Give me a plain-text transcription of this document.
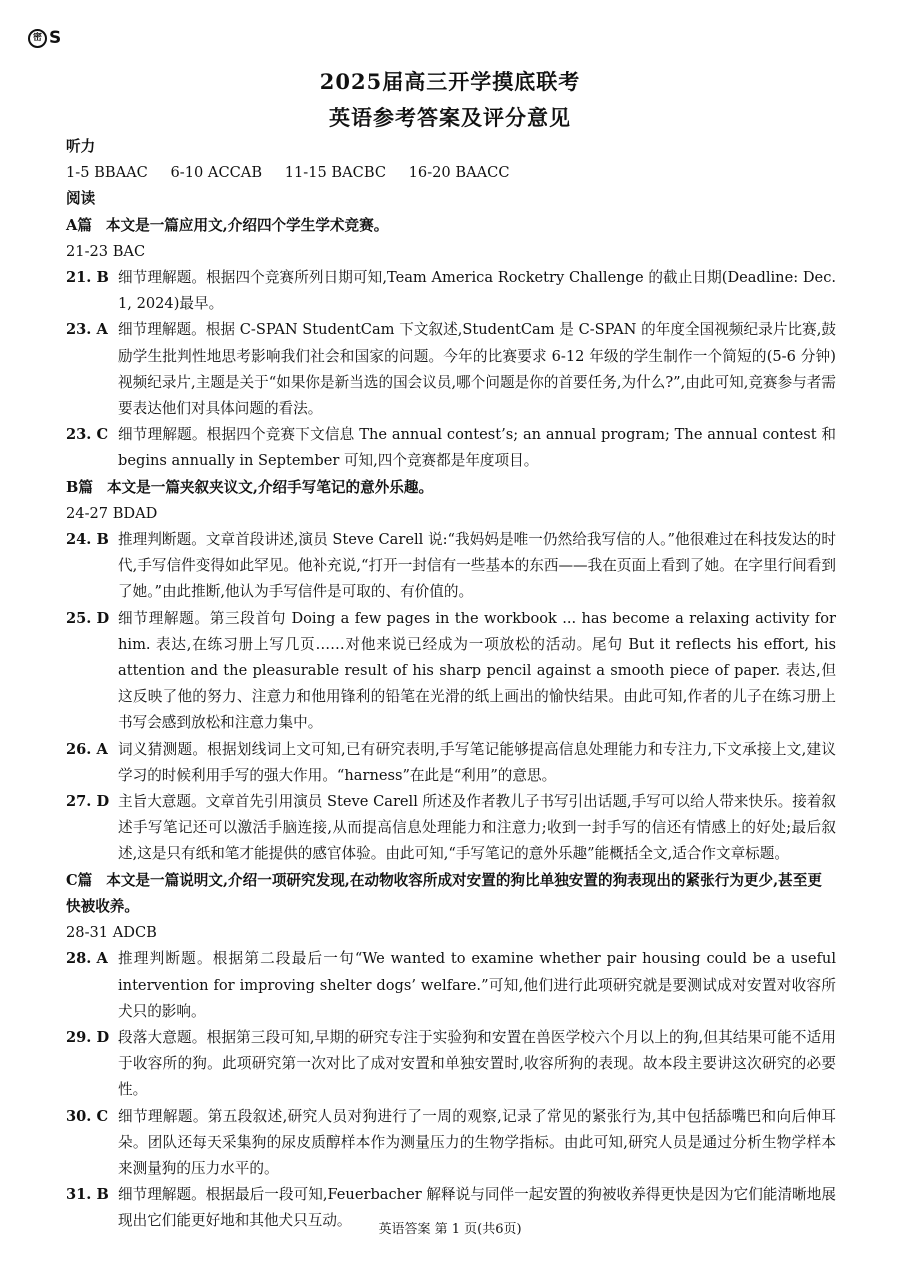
密 S
2025届高三开学摸底联考
英语参考答案及评分意见

听力

1-5 BBAAC 6-10 ACCAB 11-15 BACBC 16-20 BAACC

阅读

A篇 本文是一篇应用文,介绍四个学生学术竞赛。

21-23 BAC

21. B 细节理解题。根据四个竞赛所列日期可知,Team America Rocketry Challenge 的截止日期(Deadline: Dec. 1, 2024)最早。
23. A 细节理解题。根据 C-SPAN StudentCam 下文叙述,StudentCam 是 C-SPAN 的年度全国视频纪录片比赛,鼓励学生批判性地思考影响我们社会和国家的问题。今年的比赛要求 6-12 年级的学生制作一个简短的(5-6 分钟)视频纪录片,主题是关于“如果你是新当选的国会议员,哪个问题是你的首要任务,为什么?”,由此可知,竞赛参与者需要表达他们对具体问题的看法。
23. C 细节理解题。根据四个竞赛下文信息 The annual contest’s; an annual program; The annual contest 和 begins annually in September 可知,四个竞赛都是年度项目。

B篇 本文是一篇夹叙夹议文,介绍手写笔记的意外乐趣。

24-27 BDAD

24. B 推理判断题。文章首段讲述,演员 Steve Carell 说:“我妈妈是唯一仍然给我写信的人。”他很难过在科技发达的时代,手写信件变得如此罕见。他补充说,“打开一封信有一些基本的东西——我在页面上看到了她。在字里行间看到了她。”由此推断,他认为手写信件是可取的、有价值的。
25. D 细节理解题。第三段首句 Doing a few pages in the workbook ... has become a relaxing activity for him. 表达,在练习册上写几页……对他来说已经成为一项放松的活动。尾句 But it reflects his effort, his attention and the pleasurable result of his sharp pencil against a smooth piece of paper. 表达,但这反映了他的努力、注意力和他用锋利的铅笔在光滑的纸上画出的愉快结果。由此可知,作者的儿子在练习册上书写会感到放松和注意力集中。
26. A 词义猜测题。根据划线词上文可知,已有研究表明,手写笔记能够提高信息处理能力和专注力,下文承接上文,建议学习的时候利用手写的强大作用。“harness”在此是“利用”的意思。
27. D 主旨大意题。文章首先引用演员 Steve Carell 所述及作者教儿子书写引出话题,手写可以给人带来快乐。接着叙述手写笔记还可以激活手脑连接,从而提高信息处理能力和注意力;收到一封手写的信还有情感上的好处;最后叙述,这是只有纸和笔才能提供的感官体验。由此可知,“手写笔记的意外乐趣”能概括全文,适合作文章标题。

C篇 本文是一篇说明文,介绍一项研究发现,在动物收容所成对安置的狗比单独安置的狗表现出的紧张行为更少,甚至更快被收养。

28-31 ADCB

28. A 推理判断题。根据第二段最后一句“We wanted to examine whether pair housing could be a useful intervention for improving shelter dogs’ welfare.”可知,他们进行此项研究就是要测试成对安置对收容所犬只的影响。
29. D 段落大意题。根据第三段可知,早期的研究专注于实验狗和安置在兽医学校六个月以上的狗,但其结果可能不适用于收容所的狗。此项研究第一次对比了成对安置和单独安置时,收容所狗的表现。故本段主要讲这次研究的必要性。
30. C 细节理解题。第五段叙述,研究人员对狗进行了一周的观察,记录了常见的紧张行为,其中包括舔嘴巴和向后伸耳朵。团队还每天采集狗的尿皮质醇样本作为测量压力的生物学指标。由此可知,研究人员是通过分析生物学样本来测量狗的压力水平的。
31. B 细节理解题。根据最后一段可知,Feuerbacher 解释说与同伴一起安置的狗被收养得更快是因为它们能清晰地展现出它们能更好地和其他犬只互动。
英语答案 第 1 页(共6页)
